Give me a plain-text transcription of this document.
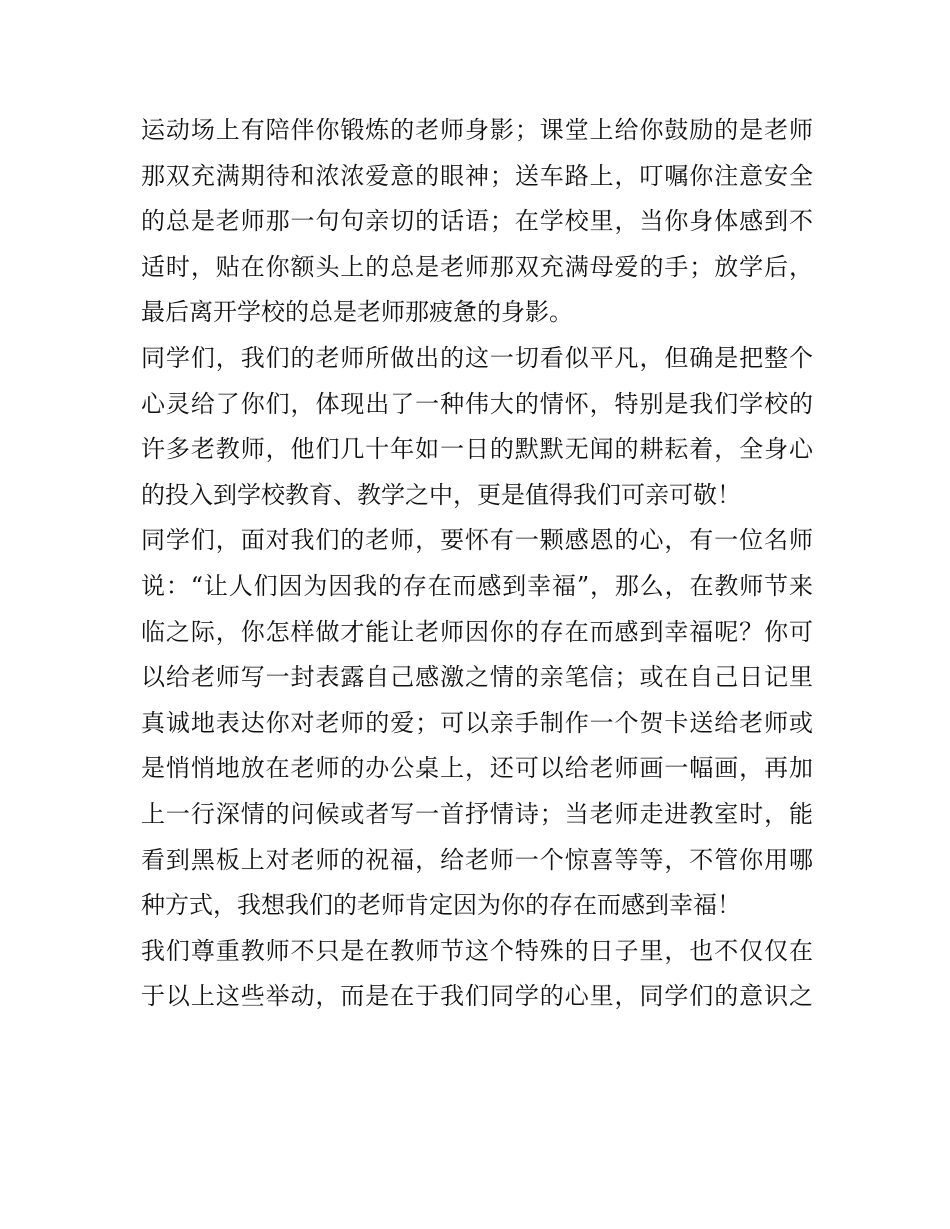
运动场上有陪伴你锻炼的老师身影；课堂上给你鼓励的是老师
那双充满期待和浓浓爱意的眼神；送车路上，叮嘱你注意安全
的总是老师那一句句亲切的话语；在学校里，当你身体感到不
适时，贴在你额头上的总是老师那双充满母爱的手；放学后，
最后离开学校的总是老师那疲惫的身影。
同学们，我们的老师所做出的这一切看似平凡，但确是把整个
心灵给了你们，体现出了一种伟大的情怀，特别是我们学校的
许多老教师，他们几十年如一日的默默无闻的耕耘着，全身心
的投入到学校教育、教学之中，更是值得我们可亲可敬！
同学们，面对我们的老师，要怀有一颗感恩的心，有一位名师
说：“让人们因为因我的存在而感到幸福”，那么，在教师节来
临之际，你怎样做才能让老师因你的存在而感到幸福呢？你可
以给老师写一封表露自己感激之情的亲笔信；或在自己日记里
真诚地表达你对老师的爱；可以亲手制作一个贺卡送给老师或
是悄悄地放在老师的办公桌上，还可以给老师画一幅画，再加
上一行深情的问候或者写一首抒情诗；当老师走进教室时，能
看到黑板上对老师的祝福，给老师一个惊喜等等，不管你用哪
种方式，我想我们的老师肯定因为你的存在而感到幸福！
我们尊重教师不只是在教师节这个特殊的日子里，也不仅仅在
于以上这些举动，而是在于我们同学的心里，同学们的意识之
